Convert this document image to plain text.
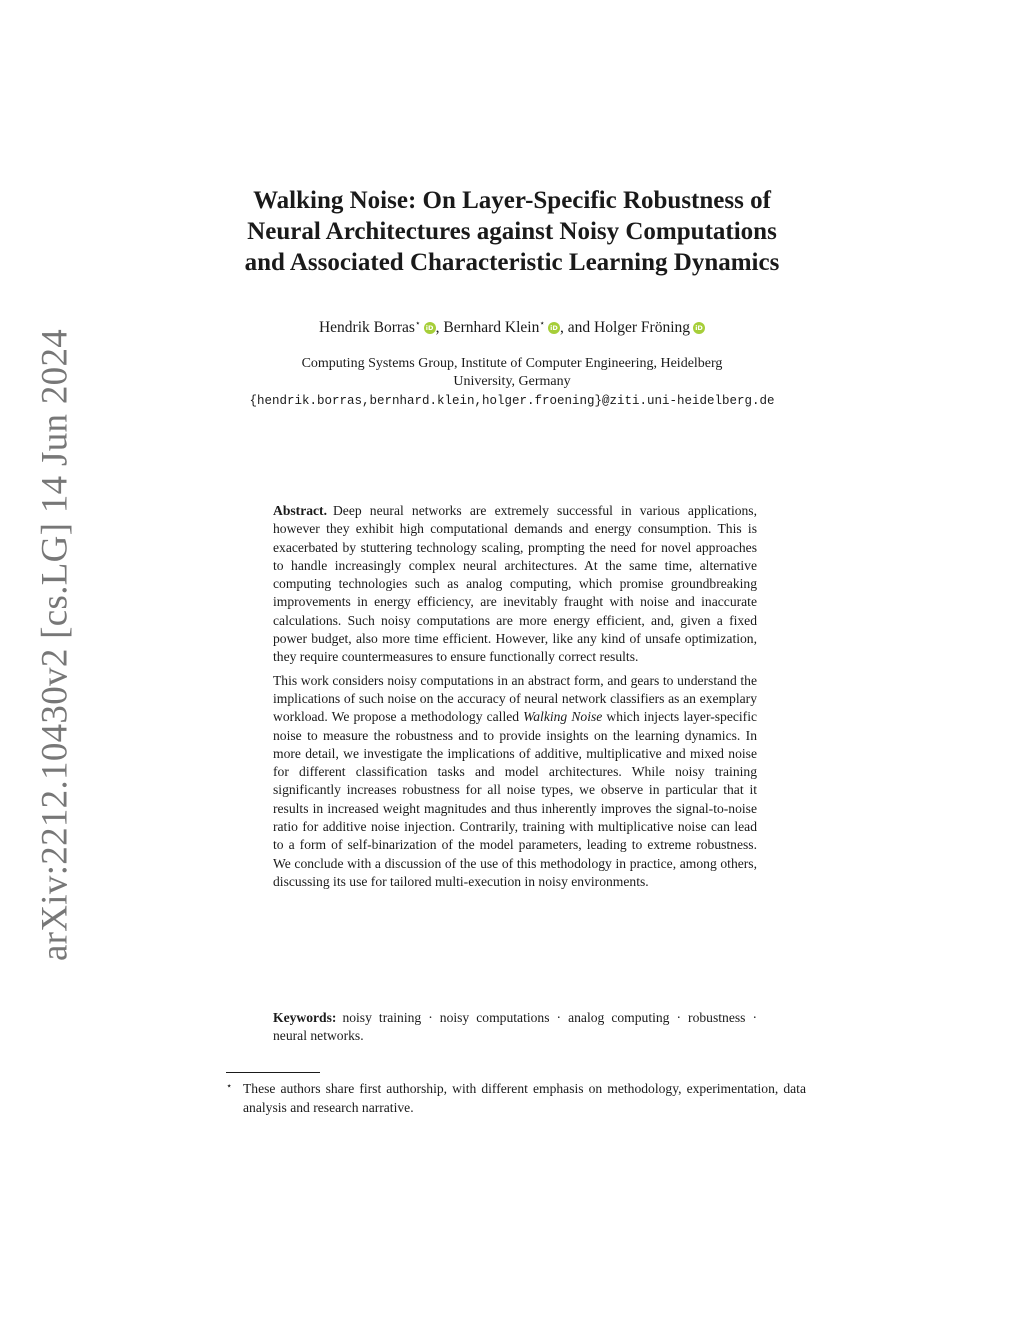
arXiv:2212.10430v2 [cs.LG] 14 Jun 2024
Walking Noise: On Layer-Specific Robustness of
Neural Architectures against Noisy Computations
and Associated Characteristic Learning Dynamics
Hendrik Borras⋆iD , Bernhard Klein⋆iD , and Holger Fröning iD
Computing Systems Group, Institute of Computer Engineering, Heidelberg
University, Germany
{hendrik.borras,bernhard.klein,holger.froening}@ziti.uni-heidelberg.de

Abstract. Deep neural networks are extremely successful in various applications, however they exhibit high computational demands and energy consumption. This is exacerbated by stuttering technology scaling, prompting the need for novel approaches to handle increasingly complex neural architectures. At the same time, alternative computing technologies such as analog computing, which promise groundbreaking improvements in energy efficiency, are inevitably fraught with noise and inaccurate calculations. Such noisy computations are more energy efficient, and, given a fixed power budget, also more time efficient. However, like any kind of unsafe optimization, they require countermeasures to ensure functionally correct results.

This work considers noisy computations in an abstract form, and gears to understand the implications of such noise on the accuracy of neural network classifiers as an exemplary workload. We propose a methodology called Walking Noise which injects layer-specific noise to measure the robustness and to provide insights on the learning dynamics. In more detail, we investigate the implications of additive, multiplicative and mixed noise for different classification tasks and model architectures. While noisy training significantly increases robustness for all noise types, we observe in particular that it results in increased weight magnitudes and thus inherently improves the signal-to-noise ratio for additive noise injection. Contrarily, training with multiplicative noise can lead to a form of self-binarization of the model parameters, leading to extreme robustness. We conclude with a discussion of the use of this methodology in practice, among others, discussing its use for tailored multi-execution in noisy environments.

Keywords: noisy training · noisy computations · analog computing · robustness · neural networks.
⋆ These authors share first authorship, with different emphasis on methodology, experimentation, data analysis and research narrative.
